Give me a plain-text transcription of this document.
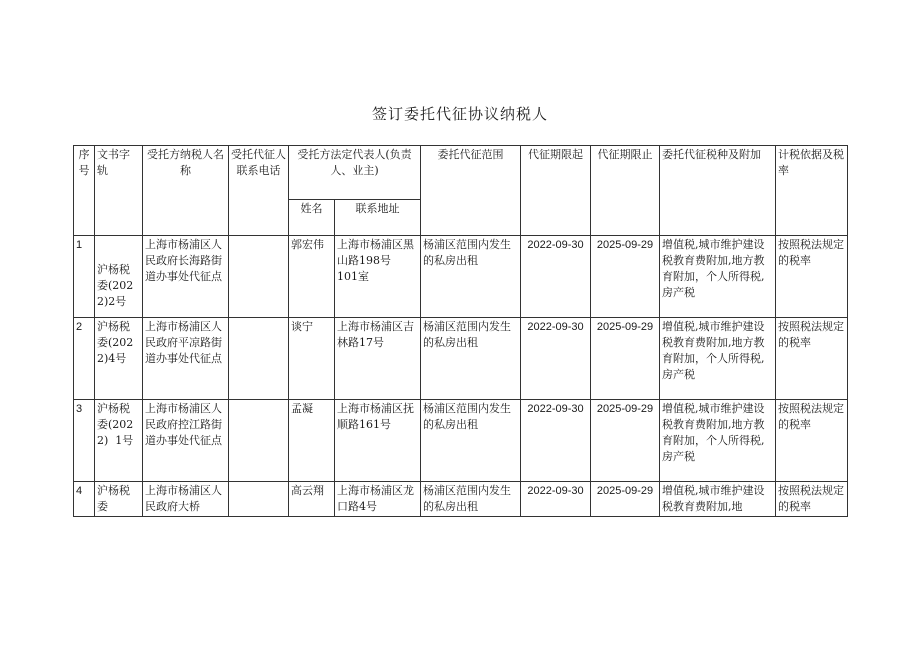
签订委托代征协议纳税人
序号	文书字轨	受托方纳税人名称	受托代征人联系电话	受托方法定代表人(负责人、业主)		委托代征范围	代征期限起	代征期限止	委托代征税种及附加	计税依据及税率
				姓名	联系地址					
1	沪杨税委(2022)2号	上海市杨浦区人民政府长海路街道办事处代征点		郭宏伟	上海市杨浦区黑山路198号
101室	杨浦区范围内发生的私房出租	2022-09-30	2025-09-29	增值税,城市维护建设税教育费附加,地方教育附加，个人所得税,房产税	按照税法规定的税率
2	沪杨税委(2022)4号	上海市杨浦区人民政府平凉路街道办事处代征点		谈宁	上海市杨浦区吉林路17号	杨浦区范围内发生的私房出租	2022-09-30	2025-09-29	增值税,城市维护建设税教育费附加,地方教育附加，个人所得税,房产税	按照税法规定的税率
3	沪杨税委(2022)  1号	上海市杨浦区人民政府控江路街道办事处代征点		孟凝	上海市杨浦区抚顺路161号	杨浦区范围内发生的私房出租	2022-09-30	2025-09-29	增值税,城市维护建设税教育费附加,地方教育附加，个人所得税,房产税	按照税法规定的税率
4	沪杨税委	上海市杨浦区人民政府大桥		高云翔	上海市杨浦区龙口路4号	杨浦区范围内发生的私房出租	2022-09-30	2025-09-29	增值税,城市维护建设税教育费附加,地	按照税法规定的税率
